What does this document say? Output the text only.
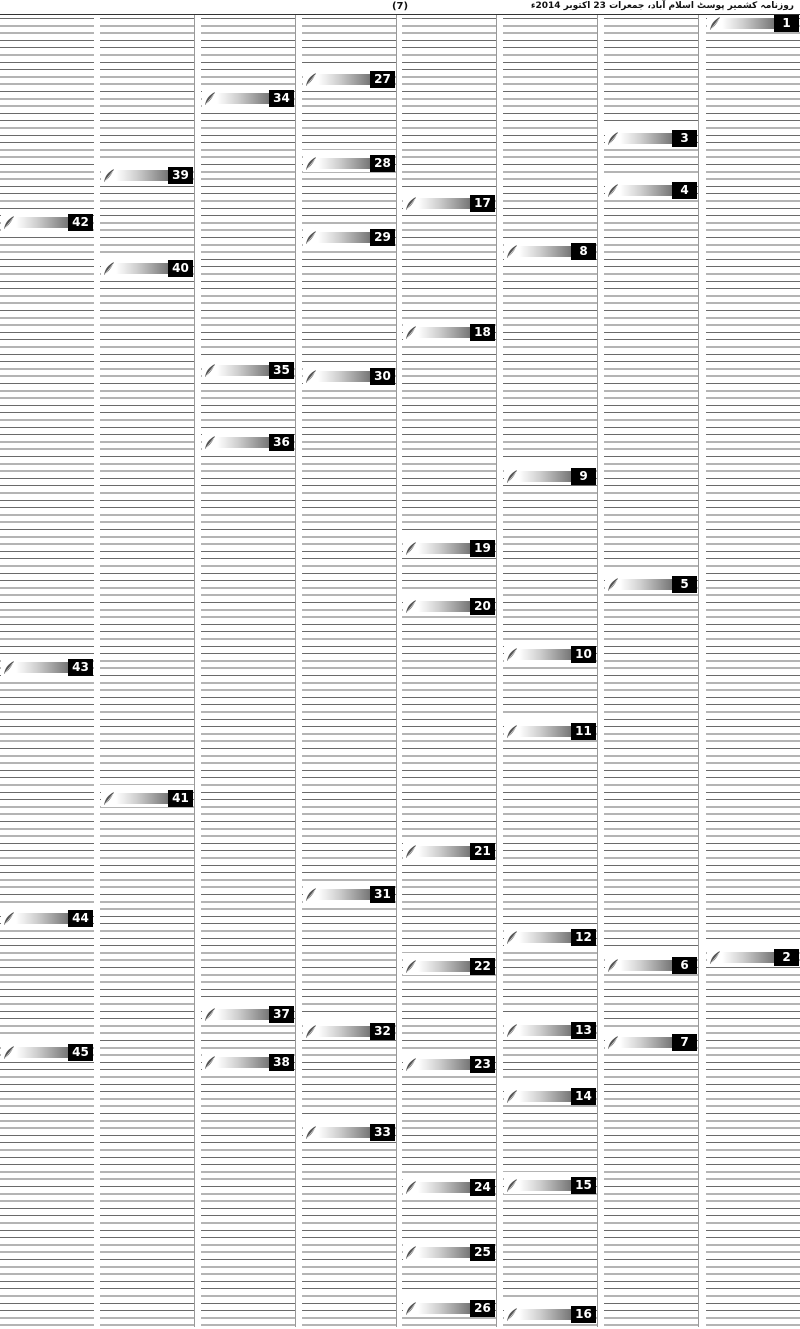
(7)	روزنامہ کشمیر پوسٹ اسلام آباد، جمعرات 23 اکتوبر 2014ء
1
2
3
4
5
6
7
8
9
10
11
12
13
14
15
16
17
18
19
20
21
22
23
24
25
26
27
28
29
30
31
32
33
34
35
36
37
38
39
40
41
42
43
44
45
